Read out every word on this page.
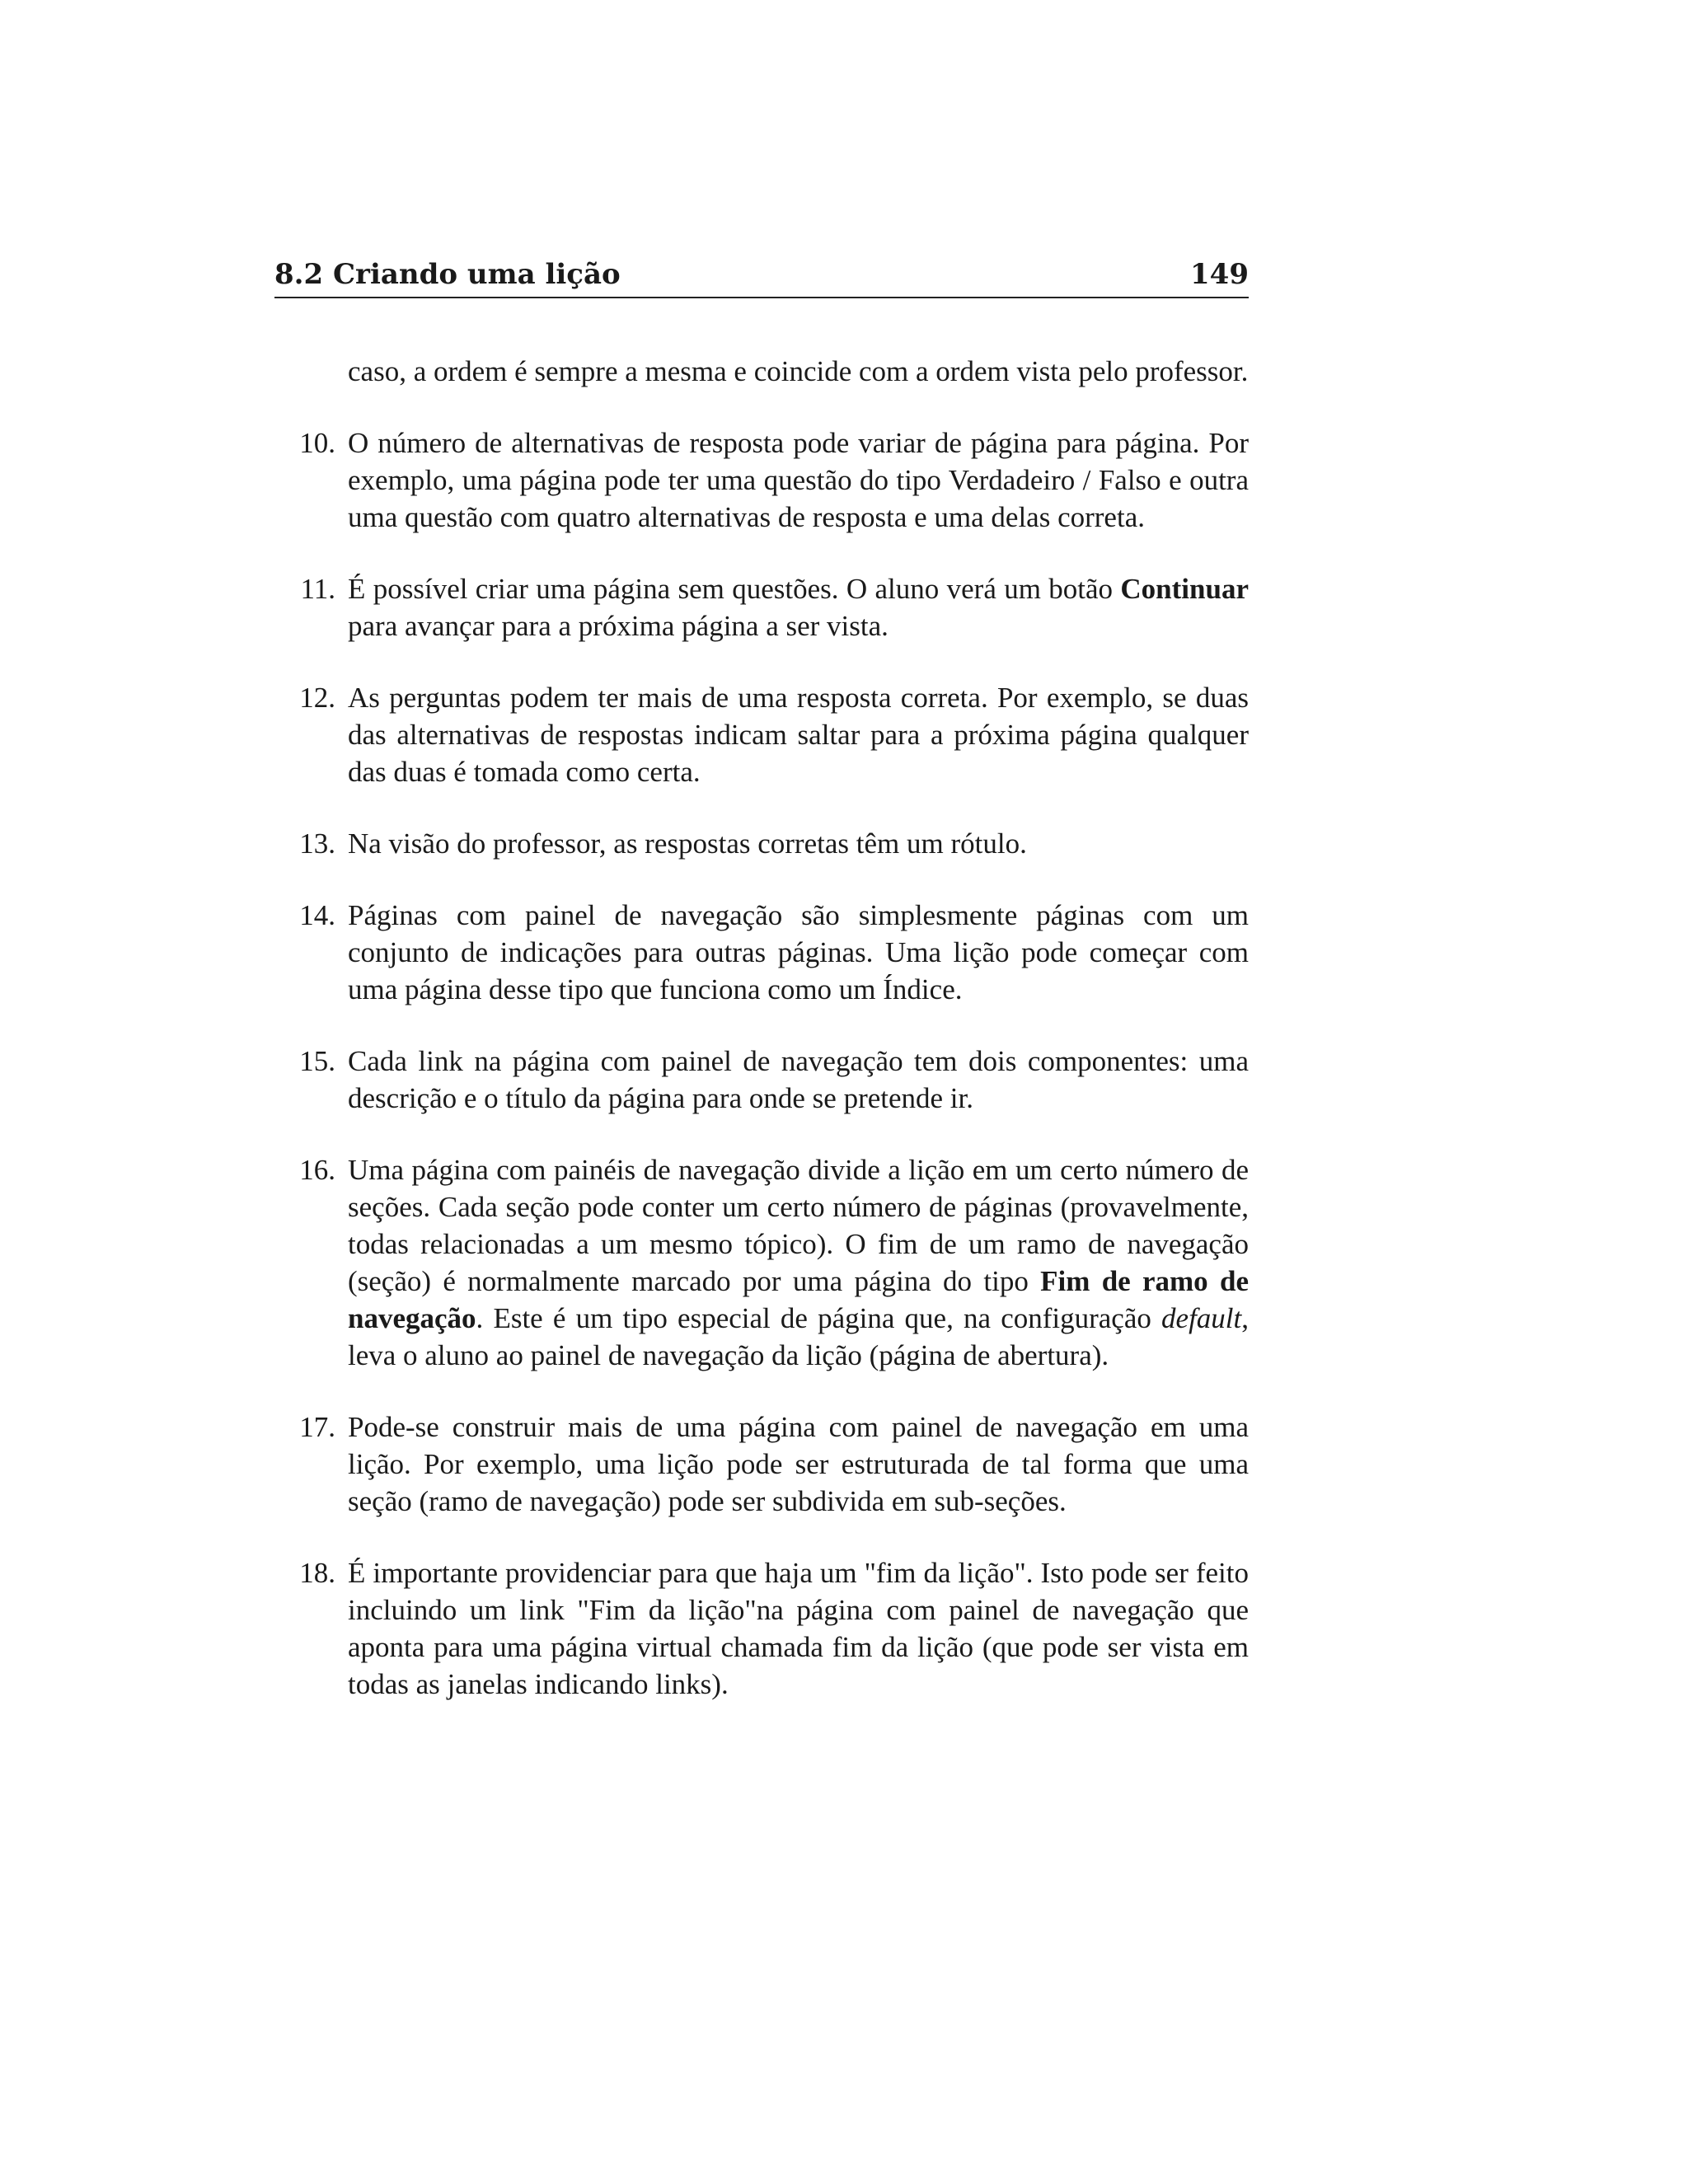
8.2 Criando uma lição	149

caso, a ordem é sempre a mesma e coincide com a ordem vista pelo professor.

10. O número de alternativas de resposta pode variar de página para página. Por exemplo, uma página pode ter uma questão do tipo Verdadeiro / Falso e outra uma questão com quatro alternativas de resposta e uma delas correta.
11. É possível criar uma página sem questões. O aluno verá um botão Continuar para avançar para a próxima página a ser vista.
12. As perguntas podem ter mais de uma resposta correta. Por exemplo, se duas das alternativas de respostas indicam saltar para a próxima página qualquer das duas é tomada como certa.
13. Na visão do professor, as respostas corretas têm um rótulo.
14. Páginas com painel de navegação são simplesmente páginas com um conjunto de indicações para outras páginas. Uma lição pode começar com uma página desse tipo que funciona como um Índice.
15. Cada link na página com painel de navegação tem dois componentes: uma descrição e o título da página para onde se pretende ir.
16. Uma página com painéis de navegação divide a lição em um certo número de seções. Cada seção pode conter um certo número de páginas (provavelmente, todas relacionadas a um mesmo tópico). O fim de um ramo de navegação (seção) é normalmente marcado por uma página do tipo Fim de ramo de navegação. Este é um tipo especial de página que, na configuração default, leva o aluno ao painel de navegação da lição (página de abertura).
17. Pode-se construir mais de uma página com painel de navegação em uma lição. Por exemplo, uma lição pode ser estruturada de tal forma que uma seção (ramo de navegação) pode ser subdivida em sub-seções.
18. É importante providenciar para que haja um "fim da lição". Isto pode ser feito incluindo um link "Fim da lição"na página com painel de navegação que aponta para uma página virtual chamada fim da lição (que pode ser vista em todas as janelas indicando links).
